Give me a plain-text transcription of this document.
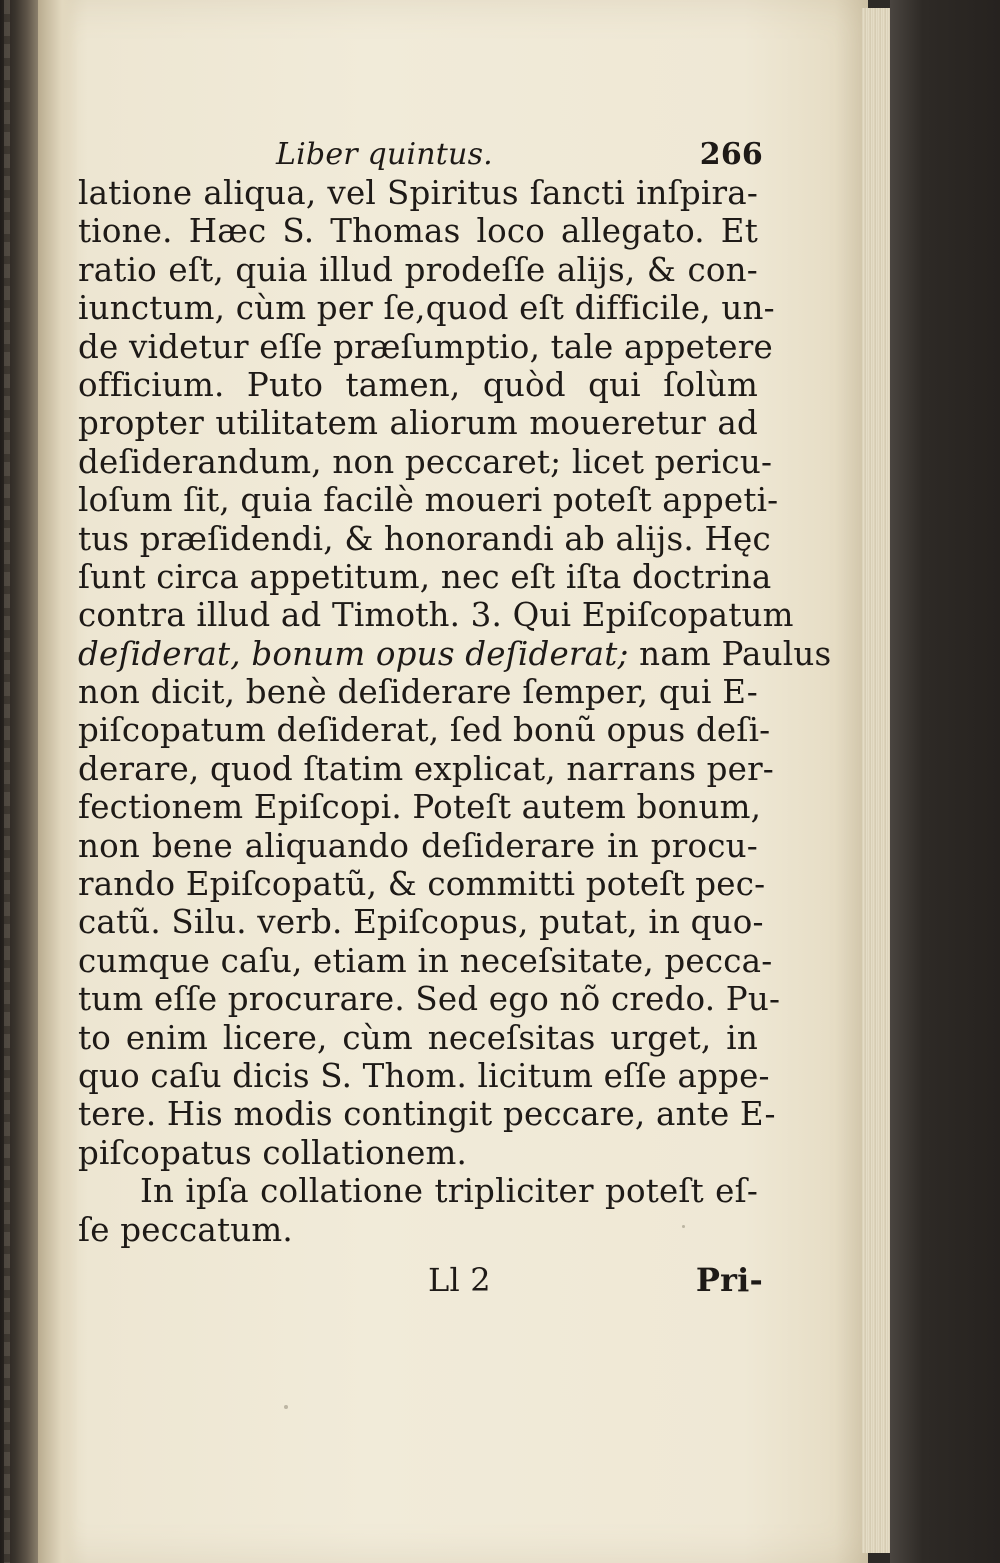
Liber quintus.	266
latione aliqua, vel Spiritus ſancti inſpira-
tione. Hæc S. Thomas loco allegato. Et
ratio eſt, quia illud prodeſſe alijs, & con-
iunctum, cùm per ſe,quod eſt difficile, un-
de videtur eſſe præſumptio, tale appetere
officium. Puto tamen, quòd qui ſolùm
propter utilitatem aliorum moueretur ad
deſiderandum, non peccaret; licet pericu-
loſum ſit, quia facilè moueri poteſt appeti-
tus præſidendi, & honorandi ab alijs. Hęc
ſunt circa appetitum, nec eſt iſta doctrina
contra illud ad Timoth. 3. Qui Epiſcopatum
deſiderat, bonum opus deſiderat; nam Paulus
non dicit, benè deſiderare ſemper, qui E-
piſcopatum deſiderat, ſed bonũ opus deſi-
derare, quod ſtatim explicat, narrans per-
fectionem Epiſcopi. Poteſt autem bonum,
non bene aliquando deſiderare in procu-
rando Epiſcopatũ, & committi poteſt pec-
catũ. Silu. verb. Epiſcopus, putat, in quo-
cumque caſu, etiam in neceſsitate, pecca-
tum eſſe procurare. Sed ego nõ credo. Pu-
to enim licere, cùm neceſsitas urget, in
quo caſu dicis S. Thom. licitum eſſe appe-
tere. His modis contingit peccare, ante E-
piſcopatus collationem.
In ipſa collatione tripliciter poteſt eſ-
ſe peccatum.
Ll 2	Pri-
